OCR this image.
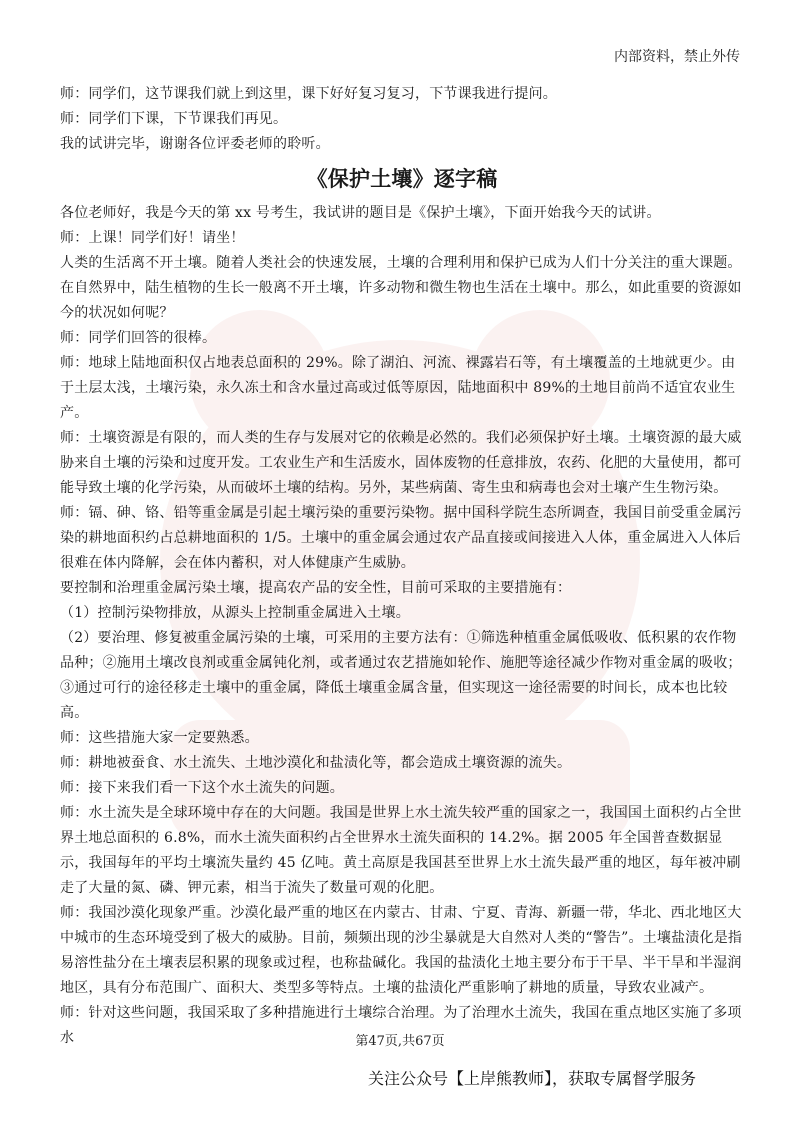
内部资料，禁止外传

师：同学们，这节课我们就上到这里，课下好好复习复习，下节课我进行提问。

师：同学们下课，下节课我们再见。

我的试讲完毕，谢谢各位评委老师的聆听。

《保护土壤》逐字稿

各位老师好，我是今天的第 xx 号考生，我试讲的题目是《保护土壤》，下面开始我今天的试讲。

师：上课！同学们好！请坐！

人类的生活离不开土壤。随着人类社会的快速发展，土壤的合理利用和保护已成为人们十分关注的重大课题。在自然界中，陆生植物的生长一般离不开土壤，许多动物和微生物也生活在土壤中。那么，如此重要的资源如今的状况如何呢？

师：同学们回答的很棒。

师：地球上陆地面积仅占地表总面积的 29%。除了湖泊、河流、裸露岩石等，有土壤覆盖的土地就更少。由于土层太浅，土壤污染，永久冻土和含水量过高或过低等原因，陆地面积中 89%的土地目前尚不适宜农业生产。

师：土壤资源是有限的，而人类的生存与发展对它的依赖是必然的。我们必须保护好土壤。土壤资源的最大威胁来自土壤的污染和过度开发。工农业生产和生活废水，固体废物的任意排放，农药、化肥的大量使用，都可能导致土壤的化学污染，从而破坏土壤的结构。另外，某些病菌、寄生虫和病毒也会对土壤产生生物污染。

师：镉、砷、铬、铅等重金属是引起土壤污染的重要污染物。据中国科学院生态所调查，我国目前受重金属污染的耕地面积约占总耕地面积的 1/5。土壤中的重金属会通过农产品直接或间接进入人体，重金属进入人体后很难在体内降解，会在体内蓄积，对人体健康产生威胁。

要控制和治理重金属污染土壤，提高农产品的安全性，目前可采取的主要措施有：

（1）控制污染物排放，从源头上控制重金属进入土壤。

（2）要治理、修复被重金属污染的土壤，可采用的主要方法有：①筛选种植重金属低吸收、低积累的农作物品种；②施用土壤改良剂或重金属钝化剂，或者通过农艺措施如轮作、施肥等途径减少作物对重金属的吸收；③通过可行的途径移走土壤中的重金属，降低土壤重金属含量，但实现这一途径需要的时间长，成本也比较高。

师：这些措施大家一定要熟悉。

师：耕地被蚕食、水土流失、土地沙漠化和盐渍化等，都会造成土壤资源的流失。

师：接下来我们看一下这个水土流失的问题。

师：水土流失是全球环境中存在的大问题。我国是世界上水土流失较严重的国家之一，我国国土面积约占全世界土地总面积的 6.8%，而水土流失面积约占全世界水土流失面积的 14.2%。据 2005 年全国普查数据显示，我国每年的平均土壤流失量约 45 亿吨。黄土高原是我国甚至世界上水土流失最严重的地区，每年被冲刷走了大量的氮、磷、钾元素，相当于流失了数量可观的化肥。

师：我国沙漠化现象严重。沙漠化最严重的地区在内蒙古、甘肃、宁夏、青海、新疆一带，华北、西北地区大中城市的生态环境受到了极大的威胁。目前，频频出现的沙尘暴就是大自然对人类的“警告”。土壤盐渍化是指易溶性盐分在土壤表层积累的现象或过程，也称盐碱化。我国的盐渍化土地主要分布于干旱、半干旱和半湿润地区，具有分布范围广、面积大、类型多等特点。土壤的盐渍化严重影响了耕地的质量，导致农业减产。

师：针对这些问题，我国采取了多种措施进行土壤综合治理。为了治理水土流失，我国在重点地区实施了多项水	第47页,共67页
关注公众号【上岸熊教师】，获取专属督学服务
